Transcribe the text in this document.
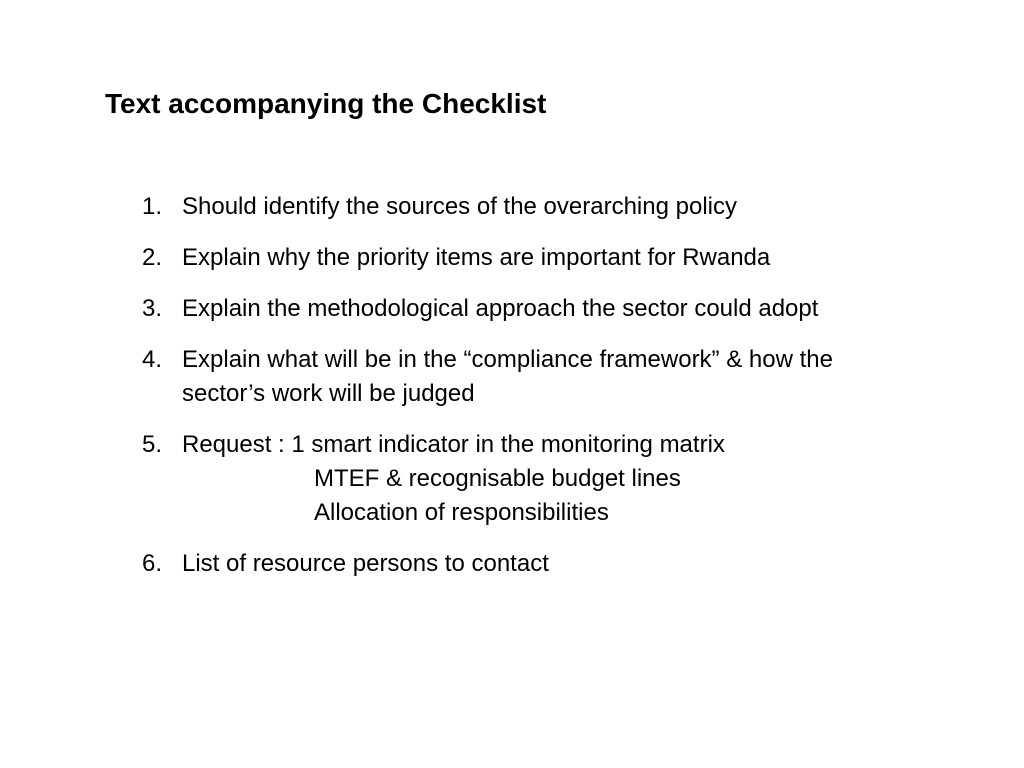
Text accompanying the Checklist
1. Should identify the sources of the overarching policy
2. Explain why the priority items are important for Rwanda
3. Explain the methodological approach the sector could adopt
4. Explain what will be in the “compliance framework” & how the
sector’s work will be judged
5. Request : 1 smart indicator in the monitoring matrix
MTEF & recognisable budget lines
Allocation of responsibilities
6. List of resource persons to contact
